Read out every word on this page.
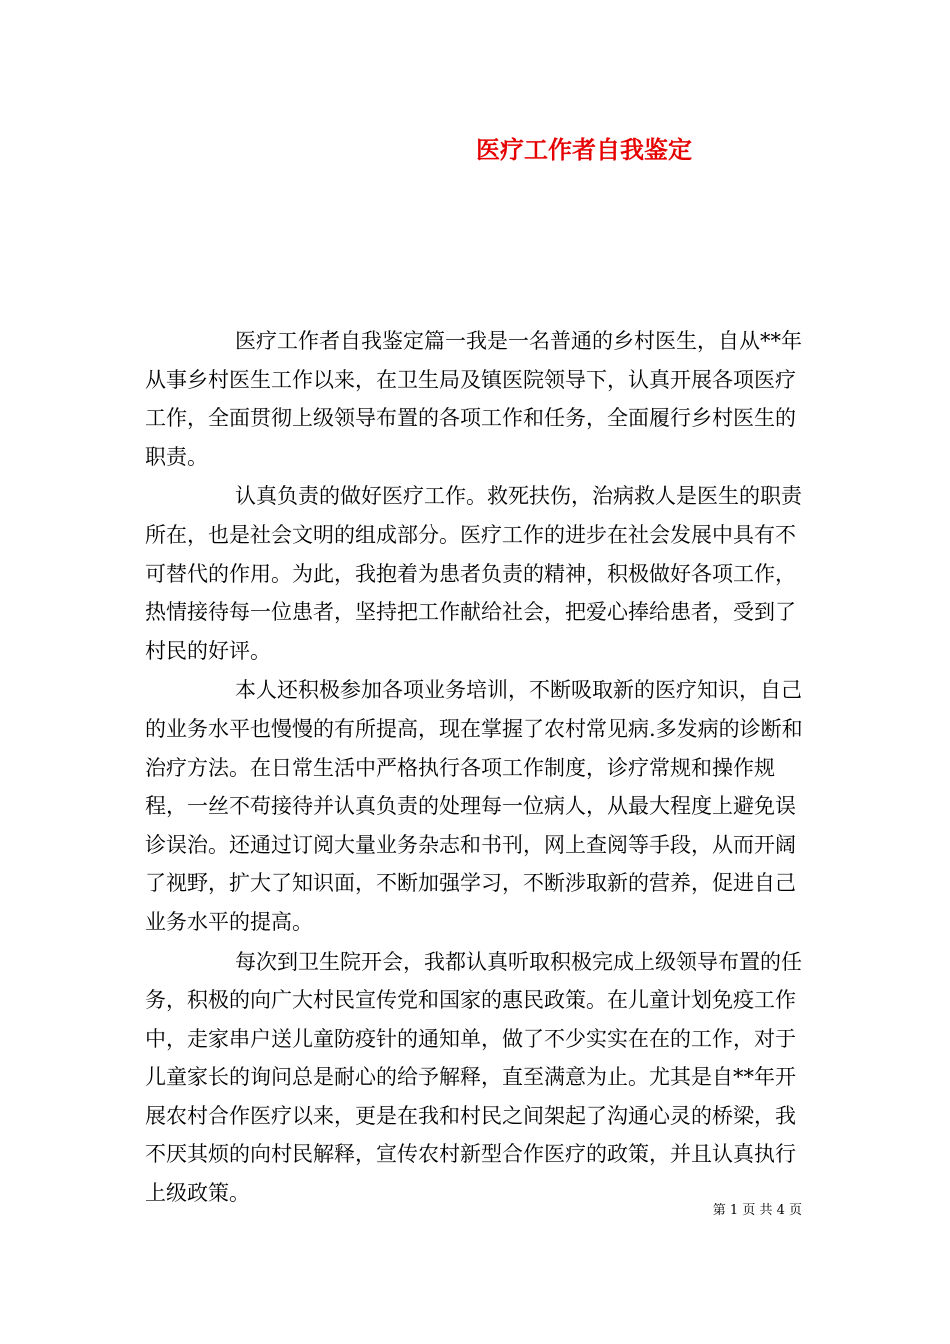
医疗工作者自我鉴定

医疗工作者自我鉴定篇一我是一名普通的乡村医生，自从**年从事乡村医生工作以来，在卫生局及镇医院领导下，认真开展各项医疗工作，全面贯彻上级领导布置的各项工作和任务，全面履行乡村医生的职责。

认真负责的做好医疗工作。救死扶伤，治病救人是医生的职责所在，也是社会文明的组成部分。医疗工作的进步在社会发展中具有不可替代的作用。为此，我抱着为患者负责的精神，积极做好各项工作，热情接待每一位患者，坚持把工作献给社会，把爱心捧给患者，受到了村民的好评。

本人还积极参加各项业务培训，不断吸取新的医疗知识，自己的业务水平也慢慢的有所提高，现在掌握了农村常见病.多发病的诊断和治疗方法。在日常生活中严格执行各项工作制度，诊疗常规和操作规程，一丝不苟接待并认真负责的处理每一位病人，从最大程度上避免误诊误治。还通过订阅大量业务杂志和书刊，网上查阅等手段，从而开阔了视野，扩大了知识面，不断加强学习，不断涉取新的营养，促进自己业务水平的提高。

每次到卫生院开会，我都认真听取积极完成上级领导布置的任务，积极的向广大村民宣传党和国家的惠民政策。在儿童计划免疫工作中，走家串户送儿童防疫针的通知单，做了不少实实在在的工作，对于儿童家长的询问总是耐心的给予解释，直至满意为止。尤其是自**年开展农村合作医疗以来，更是在我和村民之间架起了沟通心灵的桥梁，我不厌其烦的向村民解释，宣传农村新型合作医疗的政策，并且认真执行上级政策。

第 1 页 共 4 页
